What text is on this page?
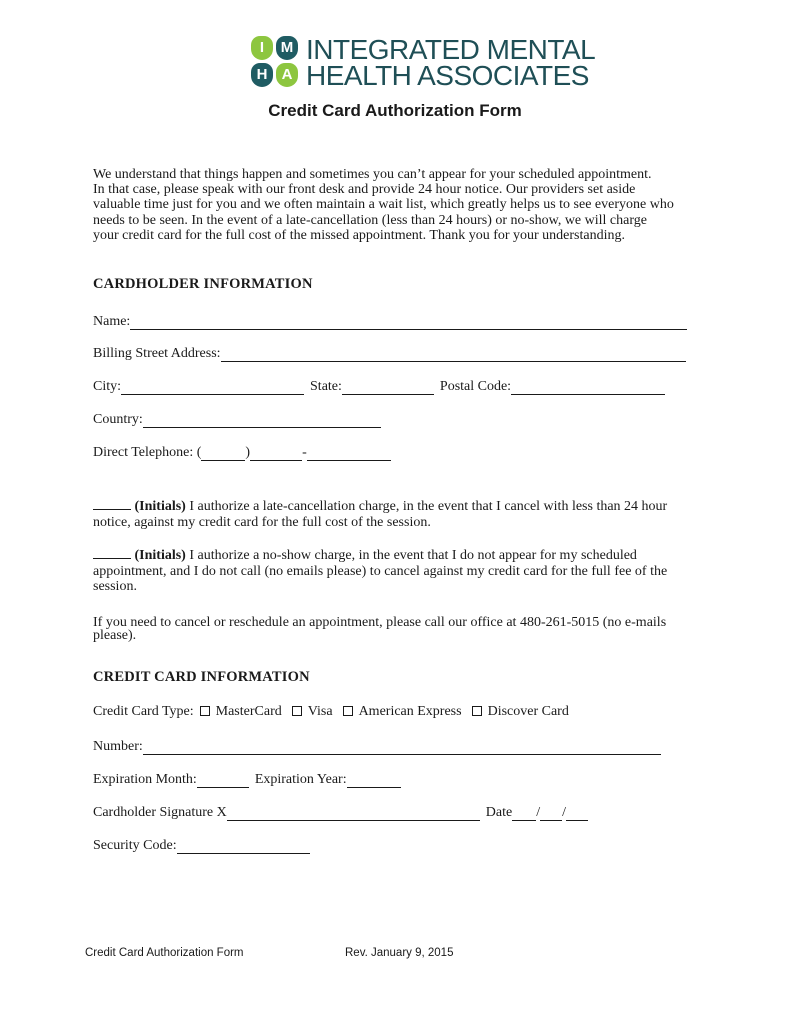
I	M
H A
INTEGRATED MENTAL
HEALTH ASSOCIATES
Credit Card Authorization Form
We understand that things happen and sometimes you can’t appear for your scheduled appointment.
In that case, please speak with our front desk and provide 24 hour notice. Our providers set aside
valuable time just for you and we often maintain a wait list, which greatly helps us to see everyone who
needs to be seen. In the event of a late-cancellation (less than 24 hours) or no-show, we will charge
your credit card for the full cost of the missed appointment. Thank you for your understanding.
CARDHOLDER INFORMATION
Name:
Billing Street Address:
City:	State:	Postal Code:
Country:
Direct Telephone: (	)	-
(Initials) I authorize a late-cancellation charge, in the event that I cancel with less than 24 hour
notice, against my credit card for the full cost of the session.
(Initials) I authorize a no-show charge, in the event that I do not appear for my scheduled
appointment, and I do not call (no emails please) to cancel against my credit card for the full fee of the
session.
If you need to cancel or reschedule an appointment, please call our office at 480-261-5015 (no e-mails
please).
CREDIT CARD INFORMATION
Credit Card Type: MasterCard Visa American Express Discover Card
Number:
Expiration Month:	Expiration Year:
Cardholder Signature X	Date / /
Security Code:
Credit Card Authorization Form	Rev. January 9, 2015
